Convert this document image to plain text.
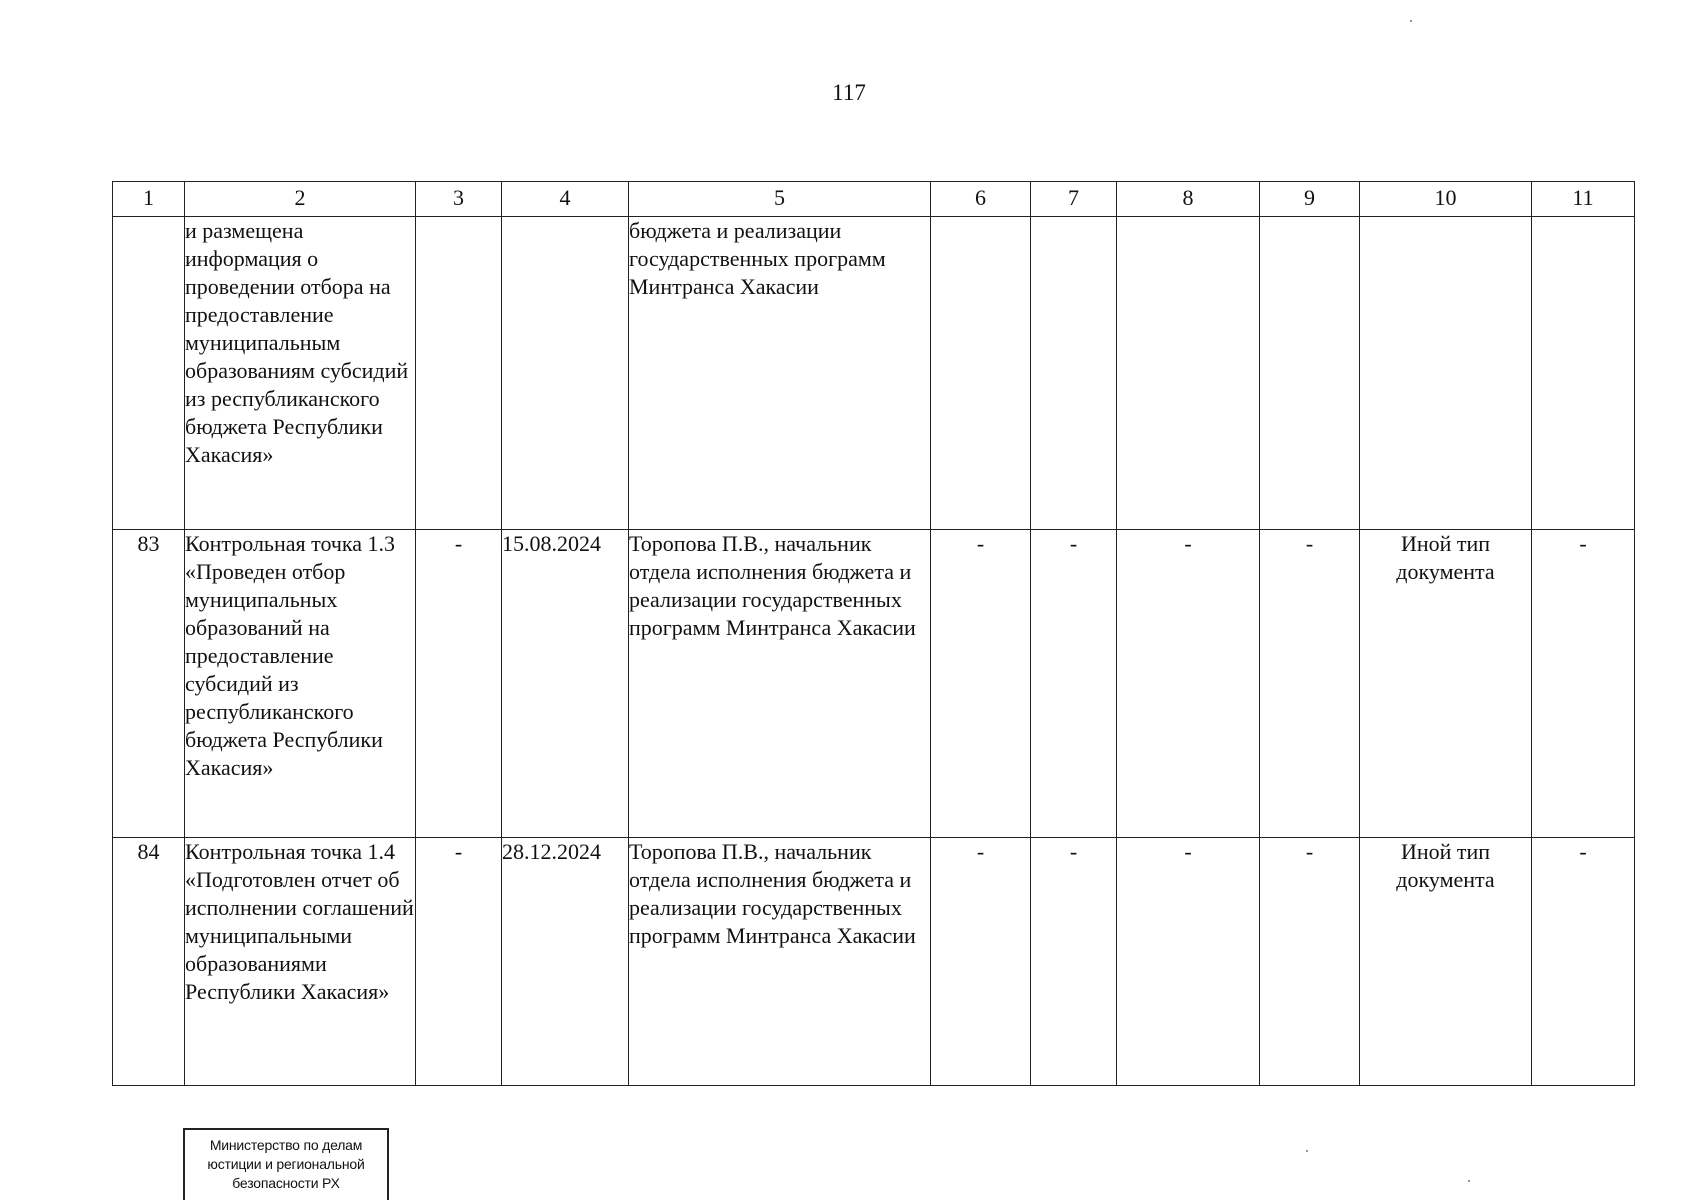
117
1	2	3	4	5	6	7	8	9	10	11
	и размещена информация о проведении отбора на предоставление муниципальным образованиям субсидий из республиканского бюджета Республики Хакасия»			бюджета и реализации государственных программ Минтранса Хакасии						
83	Контрольная точка 1.3 «Проведен отбор муниципальных образований на предоставление субсидий из республиканского бюджета Республики Хакасия»	-	15.08.2024	Торопова П.В., начальник отдела исполнения бюджета и реализации государственных программ Минтранса Хакасии	-	-	-	-	Иной тип документа	-
84	Контрольная точка 1.4 «Подготовлен отчет об исполнении соглашений муниципальными образованиями Республики Хакасия»	-	28.12.2024	Торопова П.В., начальник отдела исполнения бюджета и реализации государственных программ Минтранса Хакасии	-	-	-	-	Иной тип документа	-
Министерство по делам
юстиции и региональной
безопасности РХ
